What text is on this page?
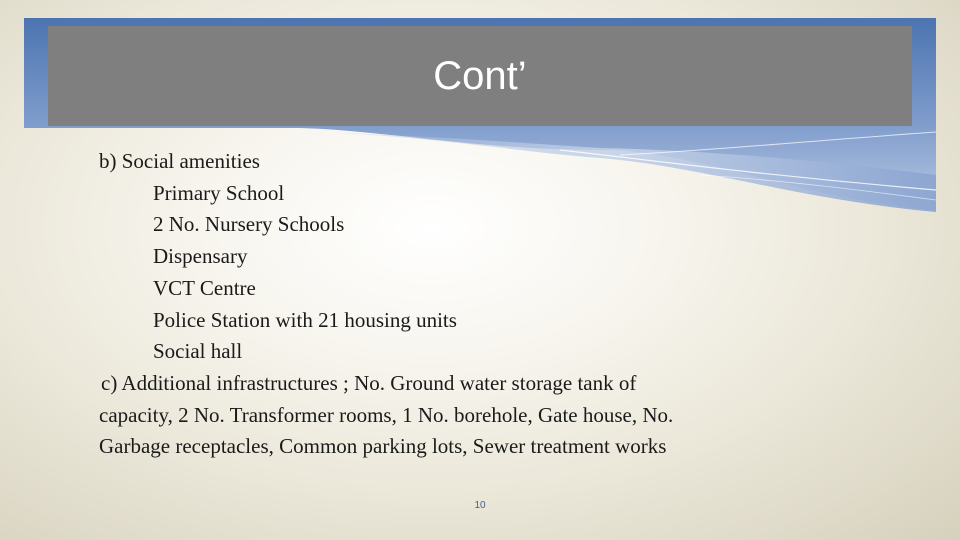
Cont’
b) Social amenities
Primary School
2 No. Nursery Schools
Dispensary
VCT Centre
Police Station with 21 housing units
Social hall
c) Additional infrastructures ; No. Ground water storage tank of
capacity, 2 No. Transformer rooms, 1 No. borehole, Gate house, No.
Garbage receptacles, Common parking lots, Sewer treatment works
10
